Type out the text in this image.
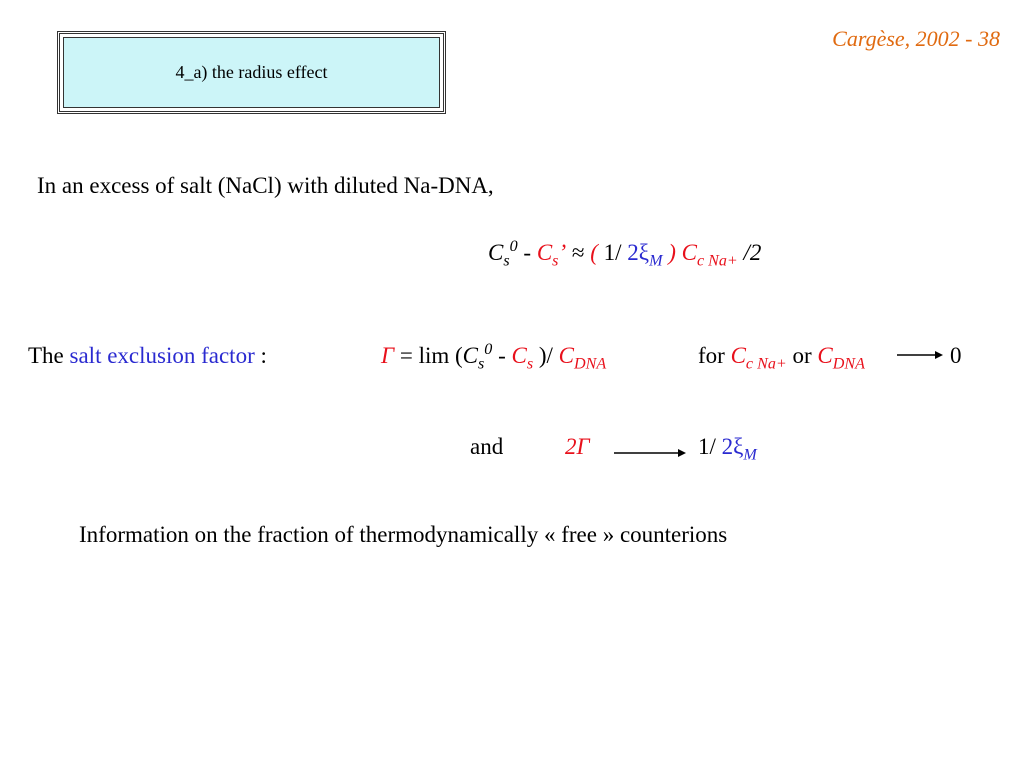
Cargèse, 2002 - 38
4_a) the radius effect
In an excess of salt (NaCl) with diluted Na-DNA,
$C_s^0 - C_s$’ ≈ ( 1/ $2\xi_M$ ) $C_{c Na+}$ /2
The salt exclusion factor :	$\Gamma = \lim (C_s^0 - C_s$ )/ $C_{DNA}$	for $C_{c Na+}$ or $C_{DNA}$	0
and	2Γ	1/ $2\xi_M$
Information on the fraction of thermodynamically « free » counterions
